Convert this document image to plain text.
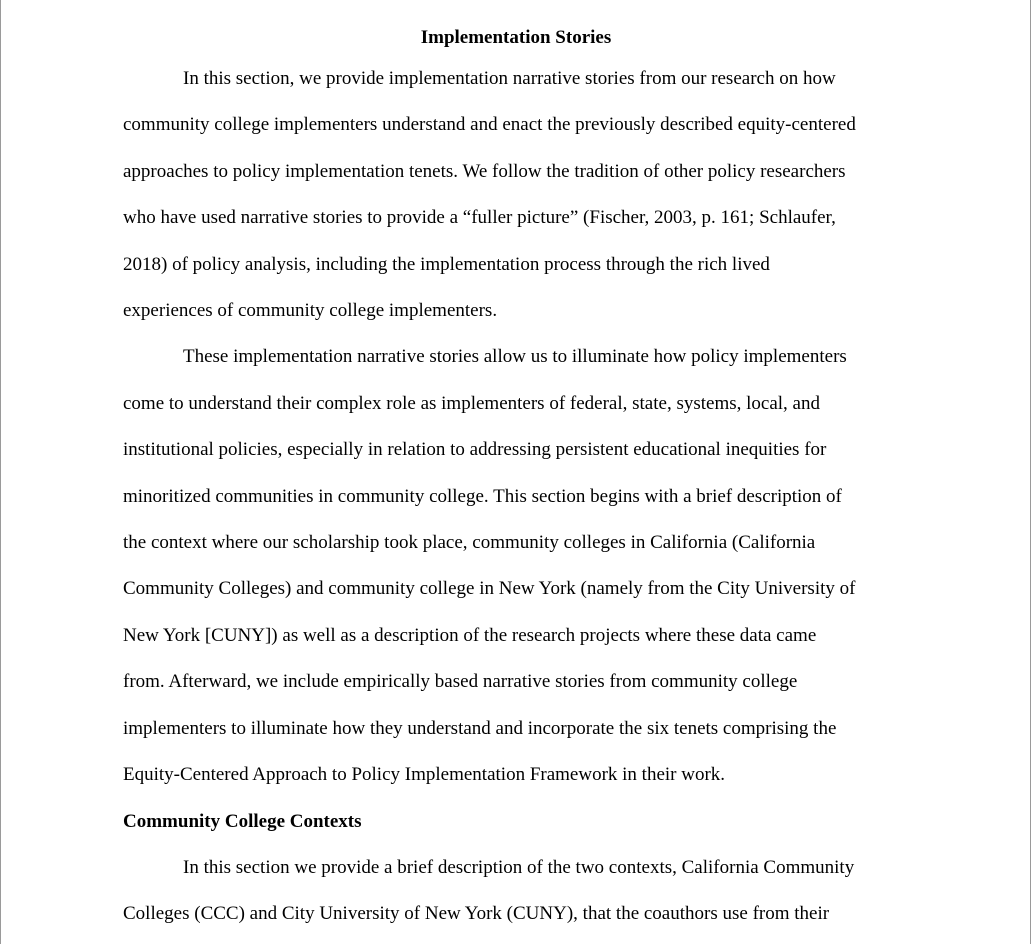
Implementation Stories

In this section, we provide implementation narrative stories from our research on how

community college implementers understand and enact the previously described equity-centered

approaches to policy implementation tenets. We follow the tradition of other policy researchers

who have used narrative stories to provide a “fuller picture” (Fischer, 2003, p. 161; Schlaufer,

2018) of policy analysis, including the implementation process through the rich lived

experiences of community college implementers.

These implementation narrative stories allow us to illuminate how policy implementers

come to understand their complex role as implementers of federal, state, systems, local, and

institutional policies, especially in relation to addressing persistent educational inequities for

minoritized communities in community college. This section begins with a brief description of

the context where our scholarship took place, community colleges in California (California

Community Colleges) and community college in New York (namely from the City University of

New York [CUNY]) as well as a description of the research projects where these data came

from. Afterward, we include empirically based narrative stories from community college

implementers to illuminate how they understand and incorporate the six tenets comprising the

Equity-Centered Approach to Policy Implementation Framework in their work.

Community College Contexts

In this section we provide a brief description of the two contexts, California Community

Colleges (CCC) and City University of New York (CUNY), that the coauthors use from their
